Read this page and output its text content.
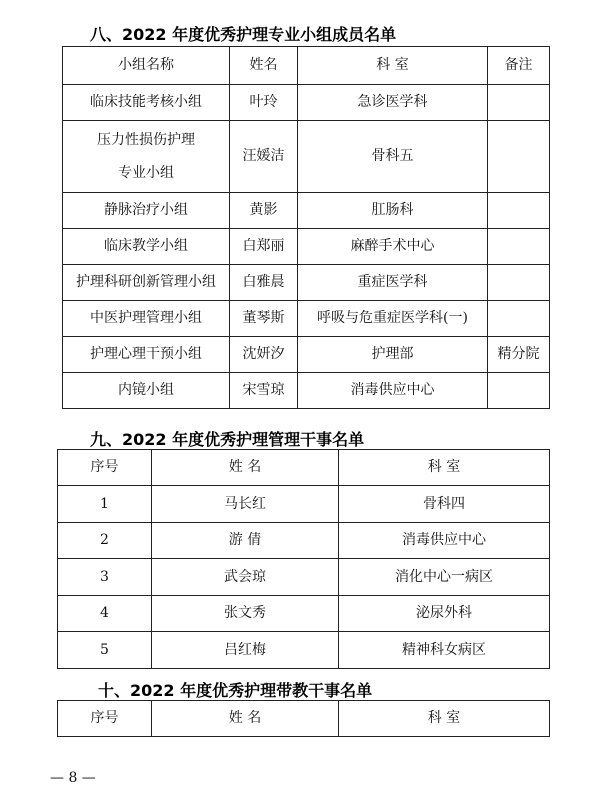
八、2022 年度优秀护理专业小组成员名单
小组名称	姓名	科 室	备注

临床技能考核小组	叶玲	急诊医学科	

压力性损伤护理
专业小组	汪媛洁	骨科五	

静脉治疗小组	黄影	肛肠科	

临床教学小组	白郑丽	麻醉手术中心	

护理科研创新管理小组	白雅晨	重症医学科	

中医护理管理小组	董琴斯	呼吸与危重症医学科(一)	

护理心理干预小组	沈妍汐	护理部	精分院

内镜小组	宋雪琼	消毒供应中心	
九、2022 年度优秀护理管理干事名单
序号	姓 名	科 室
1	马长红	骨科四
2	游 倩	消毒供应中心
3	武会琼	消化中心一病区
4	张文秀	泌尿外科
5	吕红梅	精神科女病区
十、2022 年度优秀护理带教干事名单
序号	姓 名	科 室
— 8 —
